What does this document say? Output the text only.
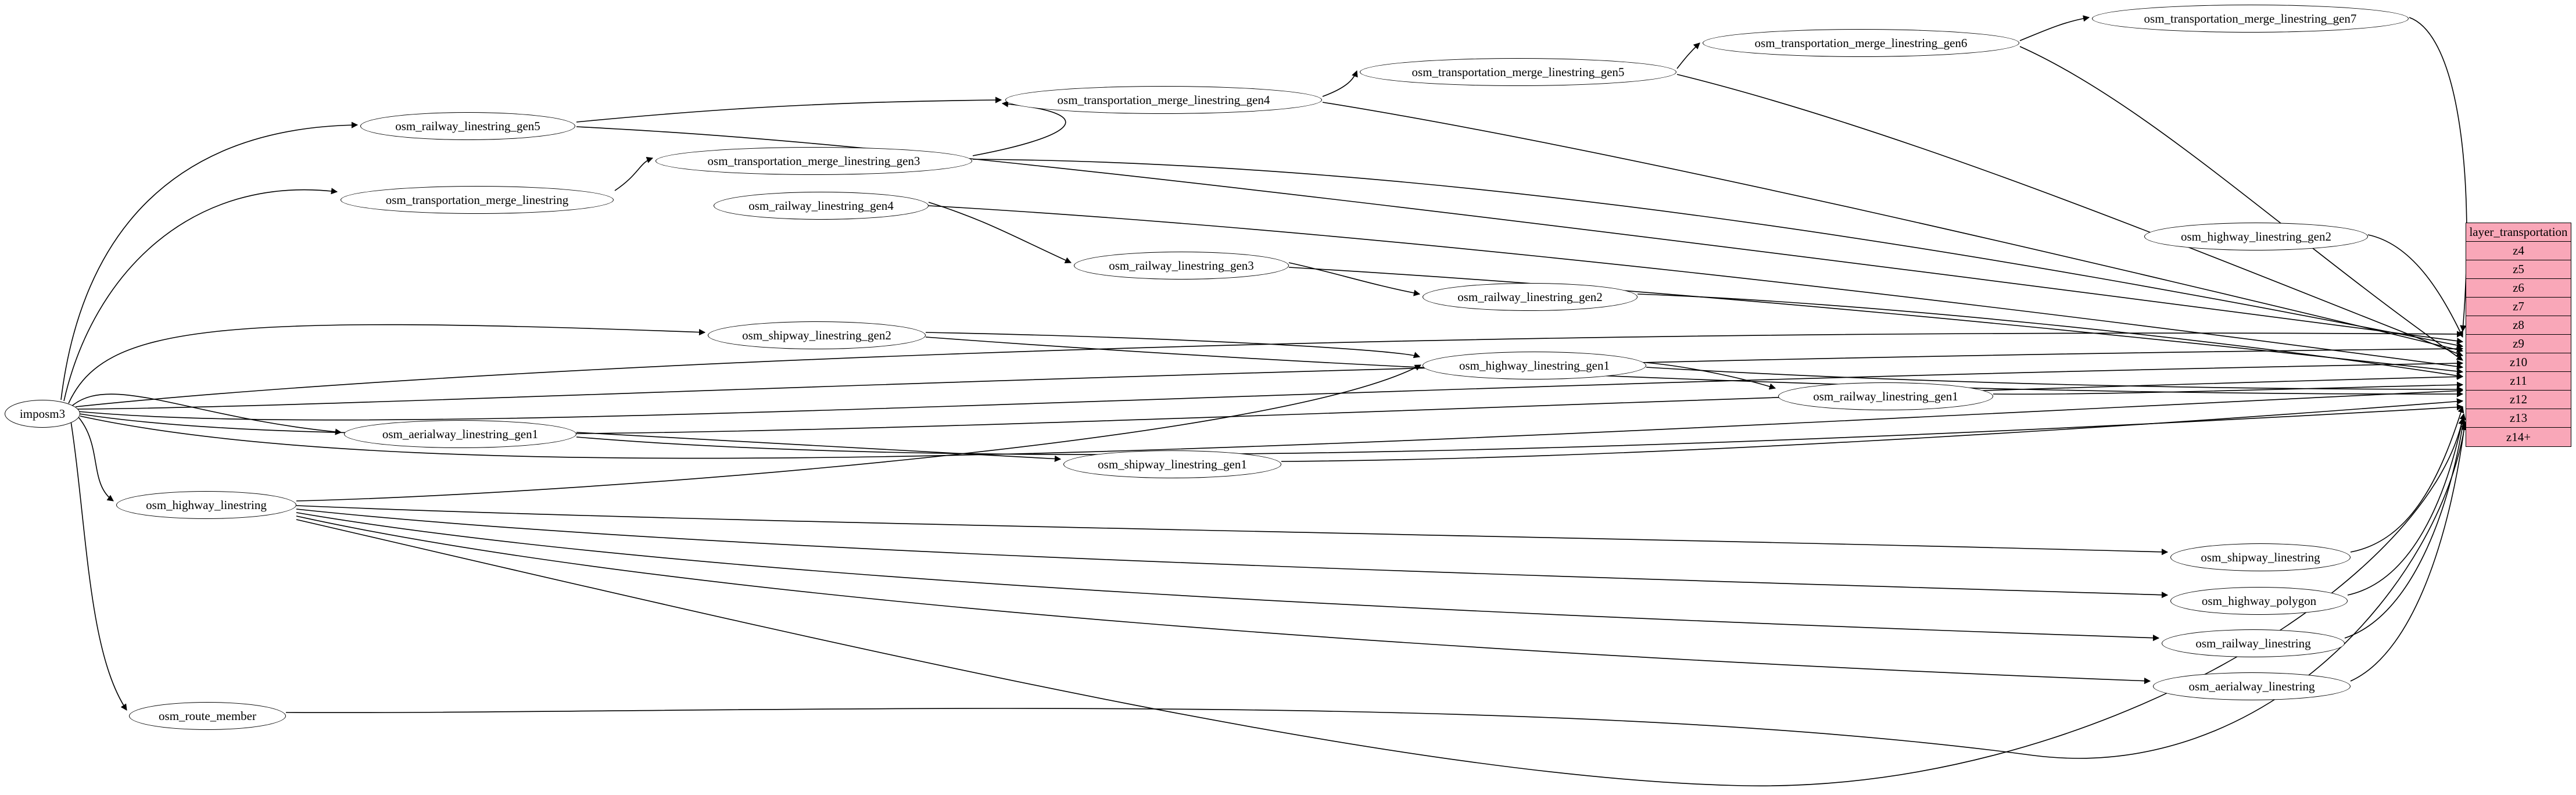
imposm3
osm_railway_linestring_gen5
osm_transportation_merge_linestring_gen7
osm_transportation_merge_linestring_gen6
osm_transportation_merge_linestring_gen5
osm_transportation_merge_linestring_gen4
osm_transportation_merge_linestring_gen3
osm_transportation_merge_linestring	osm_railway_linestring_gen4
osm_highway_linestring_gen2
osm_railway_linestring_gen3
osm_railway_linestring_gen2
osm_shipway_linestring_gen2
osm_highway_linestring_gen1
osm_railway_linestring_gen1
osm_aerialway_linestring_gen1
osm_shipway_linestring_gen1
osm_highway_linestring
osm_shipway_linestring
osm_highway_polygon
osm_railway_linestring
osm_aerialway_linestring
osm_route_member
layer_transportation
z4
z5
z6
z7
z8
z9
z10
z11
z12
z13
z14+
